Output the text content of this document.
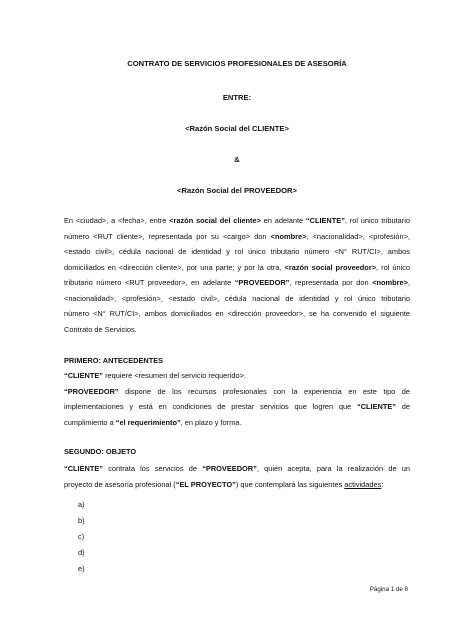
CONTRATO DE SERVICIOS PROFESIONALES DE ASESORÍA
ENTRE:
<Razón Social del CLIENTE>
&
<Razón Social del PROVEEDOR>
En <ciudad>, a <fecha>, entre <razón social del cliente> en adelante “CLIENTE”, rol único tributario
número <RUT cliente>, representada por su <cargo> don <nombre>, <nacionalidad>, <profesión>,
<estado civil>, cédula nacional de identidad y rol único tributario número <N° RUT/CI>, ambos
domiciliados en <dirección cliente>, por una parte; y por la otra, <razón social proveedor>, rol único
tributario número <RUT proveedor>, en adelante “PROVEEDOR”, representada por don <nombre>,
<nacionalidad>, <profesión>, <estado civil>, cédula nacional de identidad y rol único tributario
número <N° RUT/CI>, ambos domiciliados en <dirección proveedor>, se ha convenido el siguiente
Contrato de Servicios.
PRIMERO: ANTECEDENTES
“CLIENTE” requiere <resumen del servicio requerido>.
“PROVEEDOR” dispone de los recursos profesionales con la experiencia en este tipo de
implementaciones y está en condiciones de prestar servicios que logren que “CLIENTE” de
cumplimiento a “el requerimiento”, en plazo y forma.
SEGUNDO: OBJETO
“CLIENTE” contrata los servicios de “PROVEEDOR”, quien acepta, para la realización de un
proyecto de asesoría profesional (“EL PROYECTO”) que contemplará las siguientes actividades:
a)
b)
c)
d)
e)
Página 1 de 8
